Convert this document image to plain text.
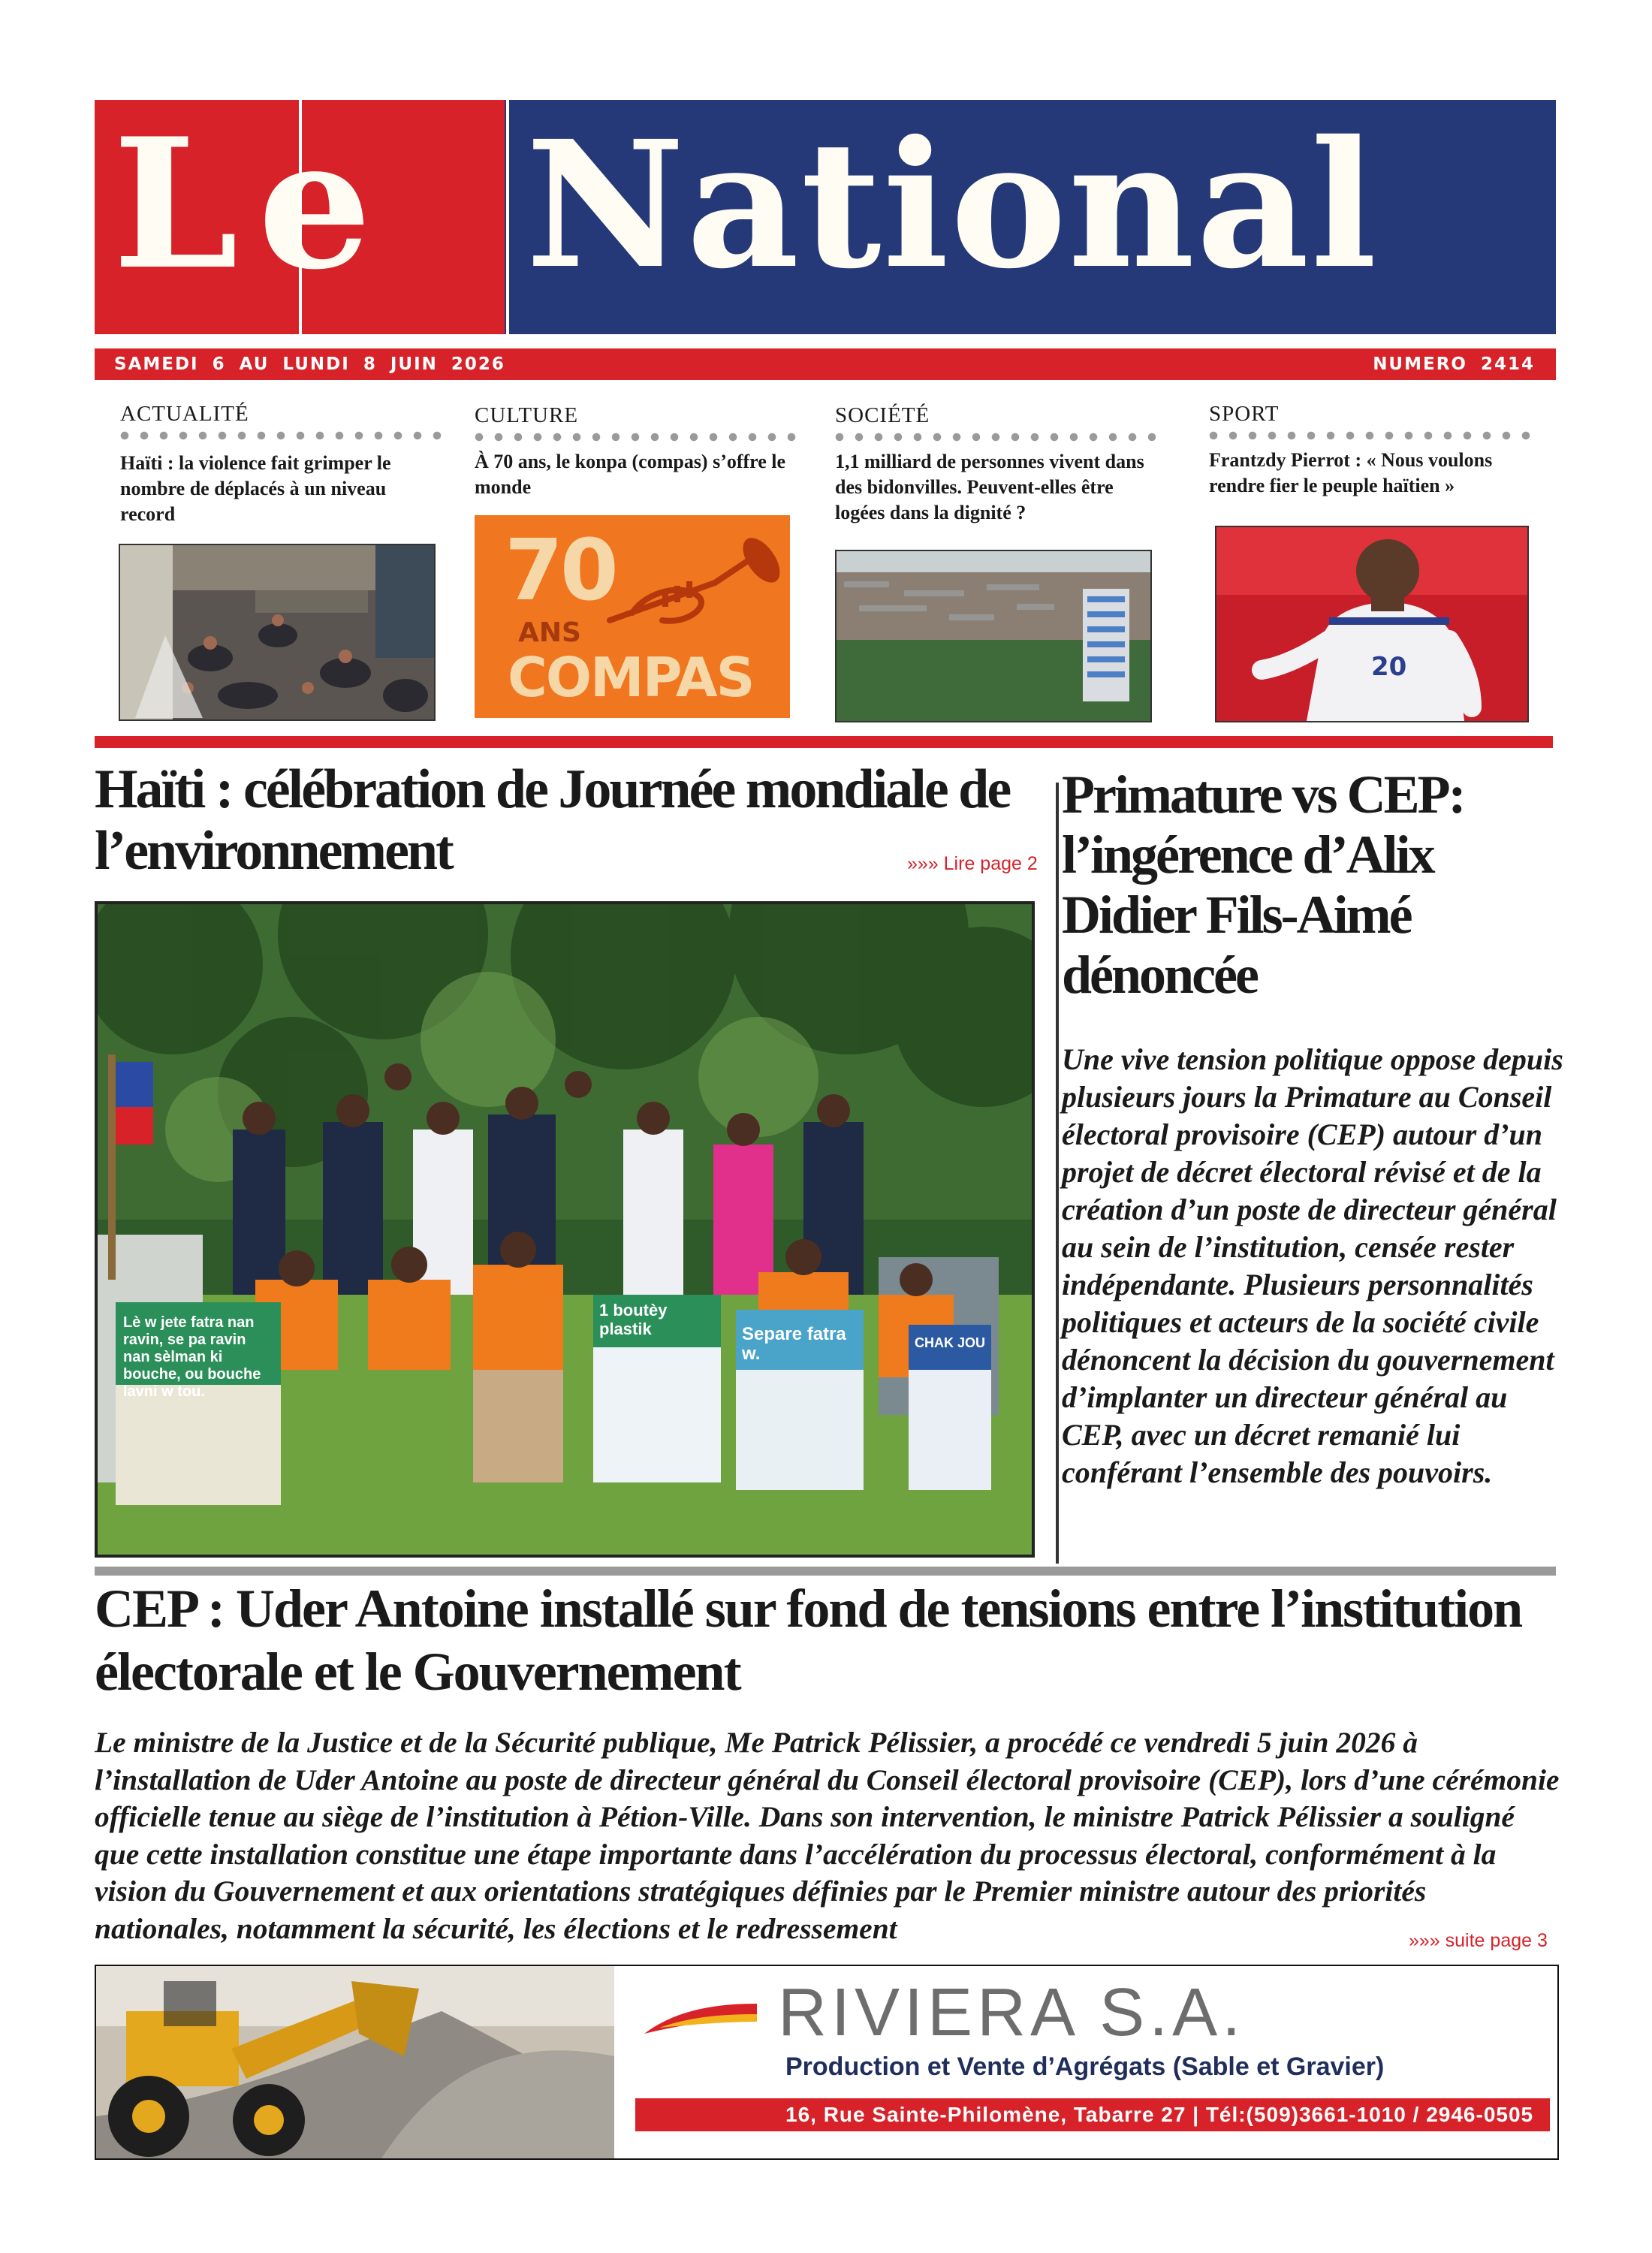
Le National
SAMEDI 6 AU LUNDI 8 JUIN 2026	NUMERO 2414
ACTUALITÉ
Haïti : la violence fait grimper le nombre de déplacés à un niveau record
CULTURE
À 70 ans, le konpa (compas) s’offre le monde
70
ANS
COMPAS
SOCIÉTÉ
1,1 milliard de personnes vivent dans des bidonvilles. Peuvent-elles être logées dans la dignité ?
SPORT
Frantzdy Pierrot : « Nous voulons rendre fier le peuple haïtien »
20
Haïti : célébration de Journée mondiale de l’environnement	»»» Lire page 2
Lè w jete fatra nan ravin, se pa ravin nan sèlman ki bouche, ou bouche lavni w tou.
1 boutèy plastik	Separe fatra w.
CHAK JOU
Primature vs CEP: l’ingérence d’Alix Didier Fils-Aimé dénoncée
Une vive tension politique oppose depuis plusieurs jours la Primature au Conseil électoral provisoire (CEP) autour d’un projet de décret électoral révisé et de la création d’un poste de directeur général au sein de l’institution, censée rester indépendante. Plusieurs personnalités politiques et acteurs de la société civile dénoncent la décision du gouvernement d’implanter un directeur général au CEP, avec un décret remanié lui conférant l’ensemble des pouvoirs.
CEP : Uder Antoine installé sur fond de tensions entre l’institution électorale et le Gouvernement
Le ministre de la Justice et de la Sécurité publique, Me Patrick Pélissier, a procédé ce vendredi 5 juin 2026 à l’installation de Uder Antoine au poste de directeur général du Conseil électoral provisoire (CEP), lors d’une cérémonie officielle tenue au siège de l’institution à Pétion-Ville. Dans son intervention, le ministre Patrick Pélissier a souligné que cette installation constitue une étape importante dans l’accélération du processus électoral, conformément à la vision du Gouvernement et aux orientations stratégiques définies par le Premier ministre autour des priorités nationales, notamment la sécurité, les élections et le redressement	»»» suite page 3
RIVIERA S.A.
Production et Vente d’Agrégats (Sable et Gravier)
16, Rue Sainte-Philomène, Tabarre 27 | Tél:(509)3661-1010 / 2946-0505
